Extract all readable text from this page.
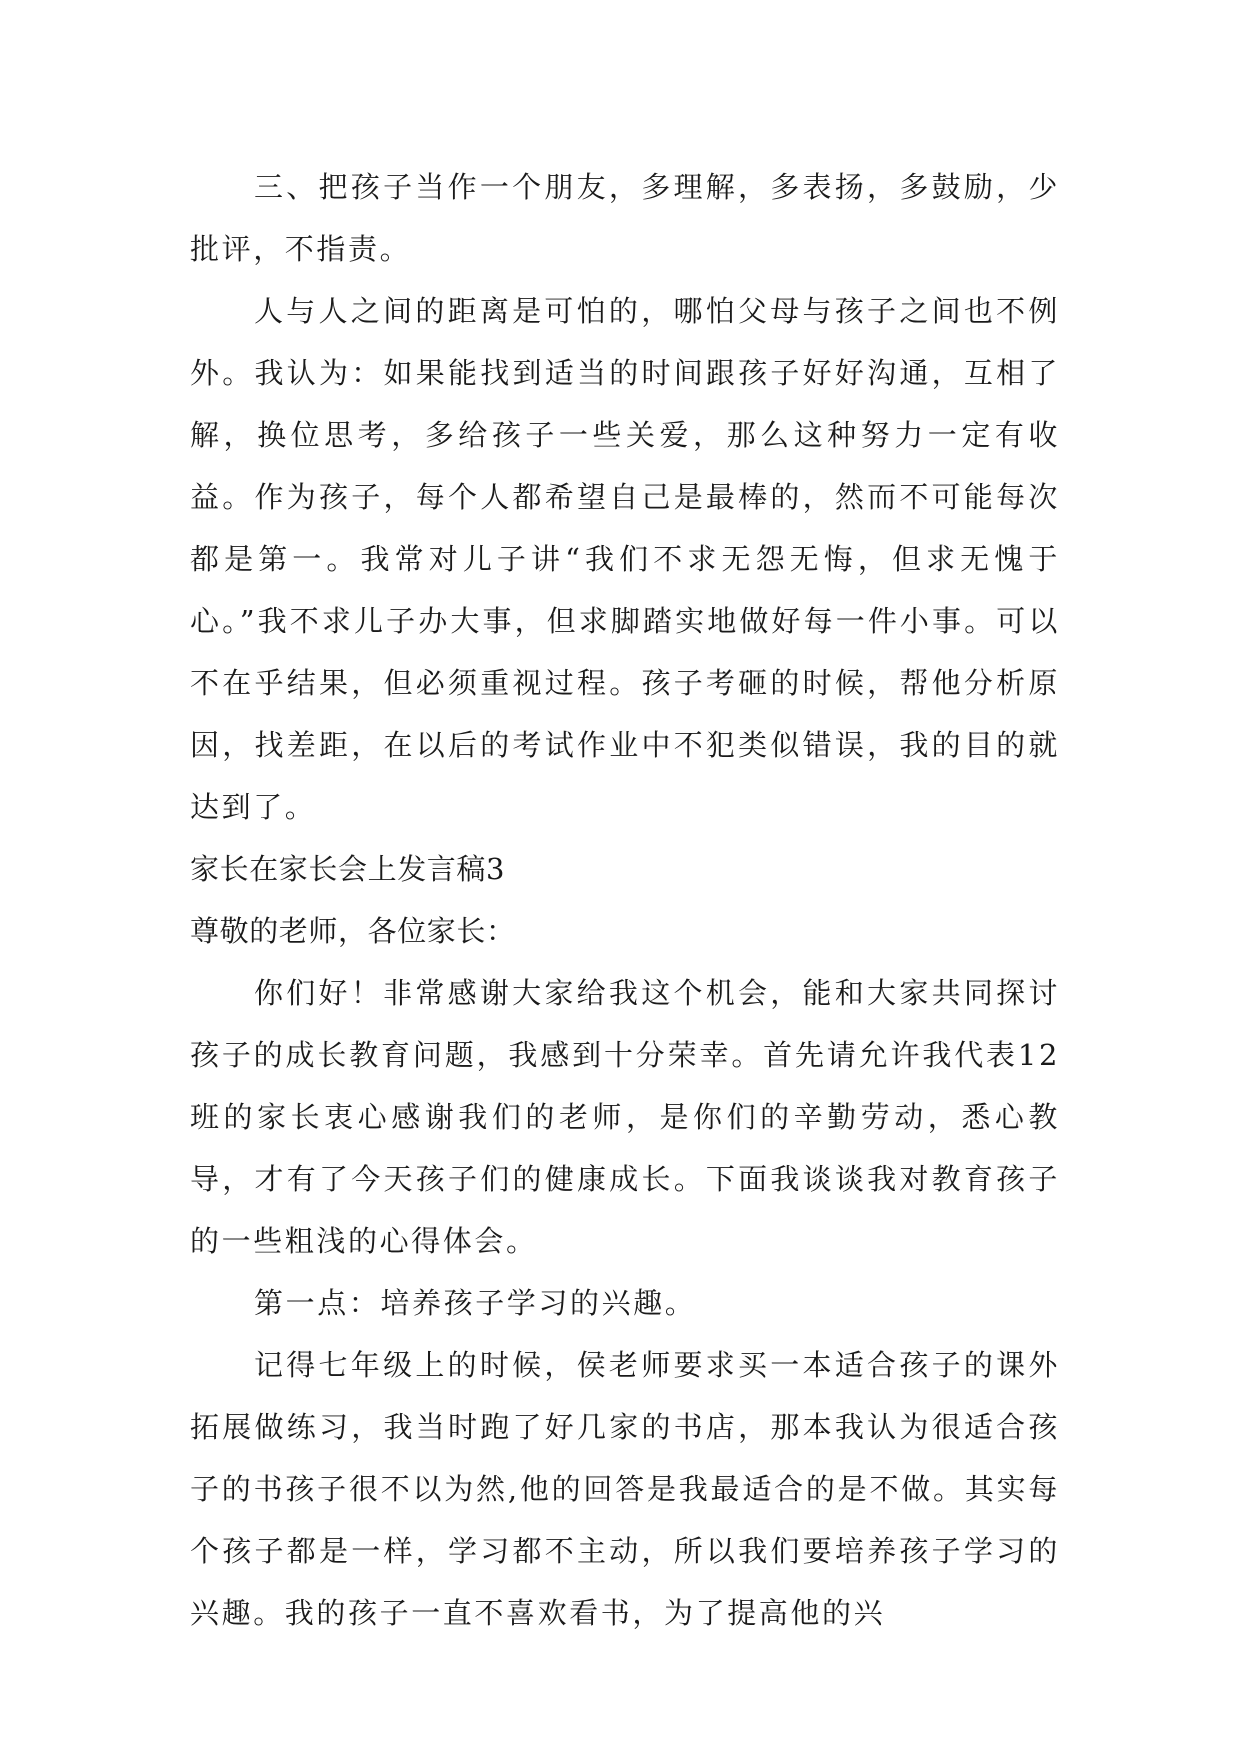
三、把孩子当作一个朋友，多理解，多表扬，多鼓励，少批评，不指责。

人与人之间的距离是可怕的，哪怕父母与孩子之间也不例外。我认为：如果能找到适当的时间跟孩子好好沟通，互相了解，换位思考，多给孩子一些关爱，那么这种努力一定有收益。作为孩子，每个人都希望自己是最棒的，然而不可能每次都是第一。我常对儿子讲“我们不求无怨无悔，但求无愧于心。”我不求儿子办大事，但求脚踏实地做好每一件小事。可以不在乎结果，但必须重视过程。孩子考砸的时候，帮他分析原因，找差距，在以后的考试作业中不犯类似错误，我的目的就达到了。

家长在家长会上发言稿3

尊敬的老师，各位家长：

你们好！非常感谢大家给我这个机会，能和大家共同探讨孩子的成长教育问题，我感到十分荣幸。首先请允许我代表12班的家长衷心感谢我们的老师，是你们的辛勤劳动，悉心教导，才有了今天孩子们的健康成长。下面我谈谈我对教育孩子的一些粗浅的心得体会。

第一点：培养孩子学习的兴趣。

记得七年级上的时候，侯老师要求买一本适合孩子的课外拓展做练习，我当时跑了好几家的书店，那本我认为很适合孩子的书孩子很不以为然,他的回答是我最适合的是不做。其实每个孩子都是一样，学习都不主动，所以我们要培养孩子学习的兴趣。我的孩子一直不喜欢看书，为了提高他的兴
